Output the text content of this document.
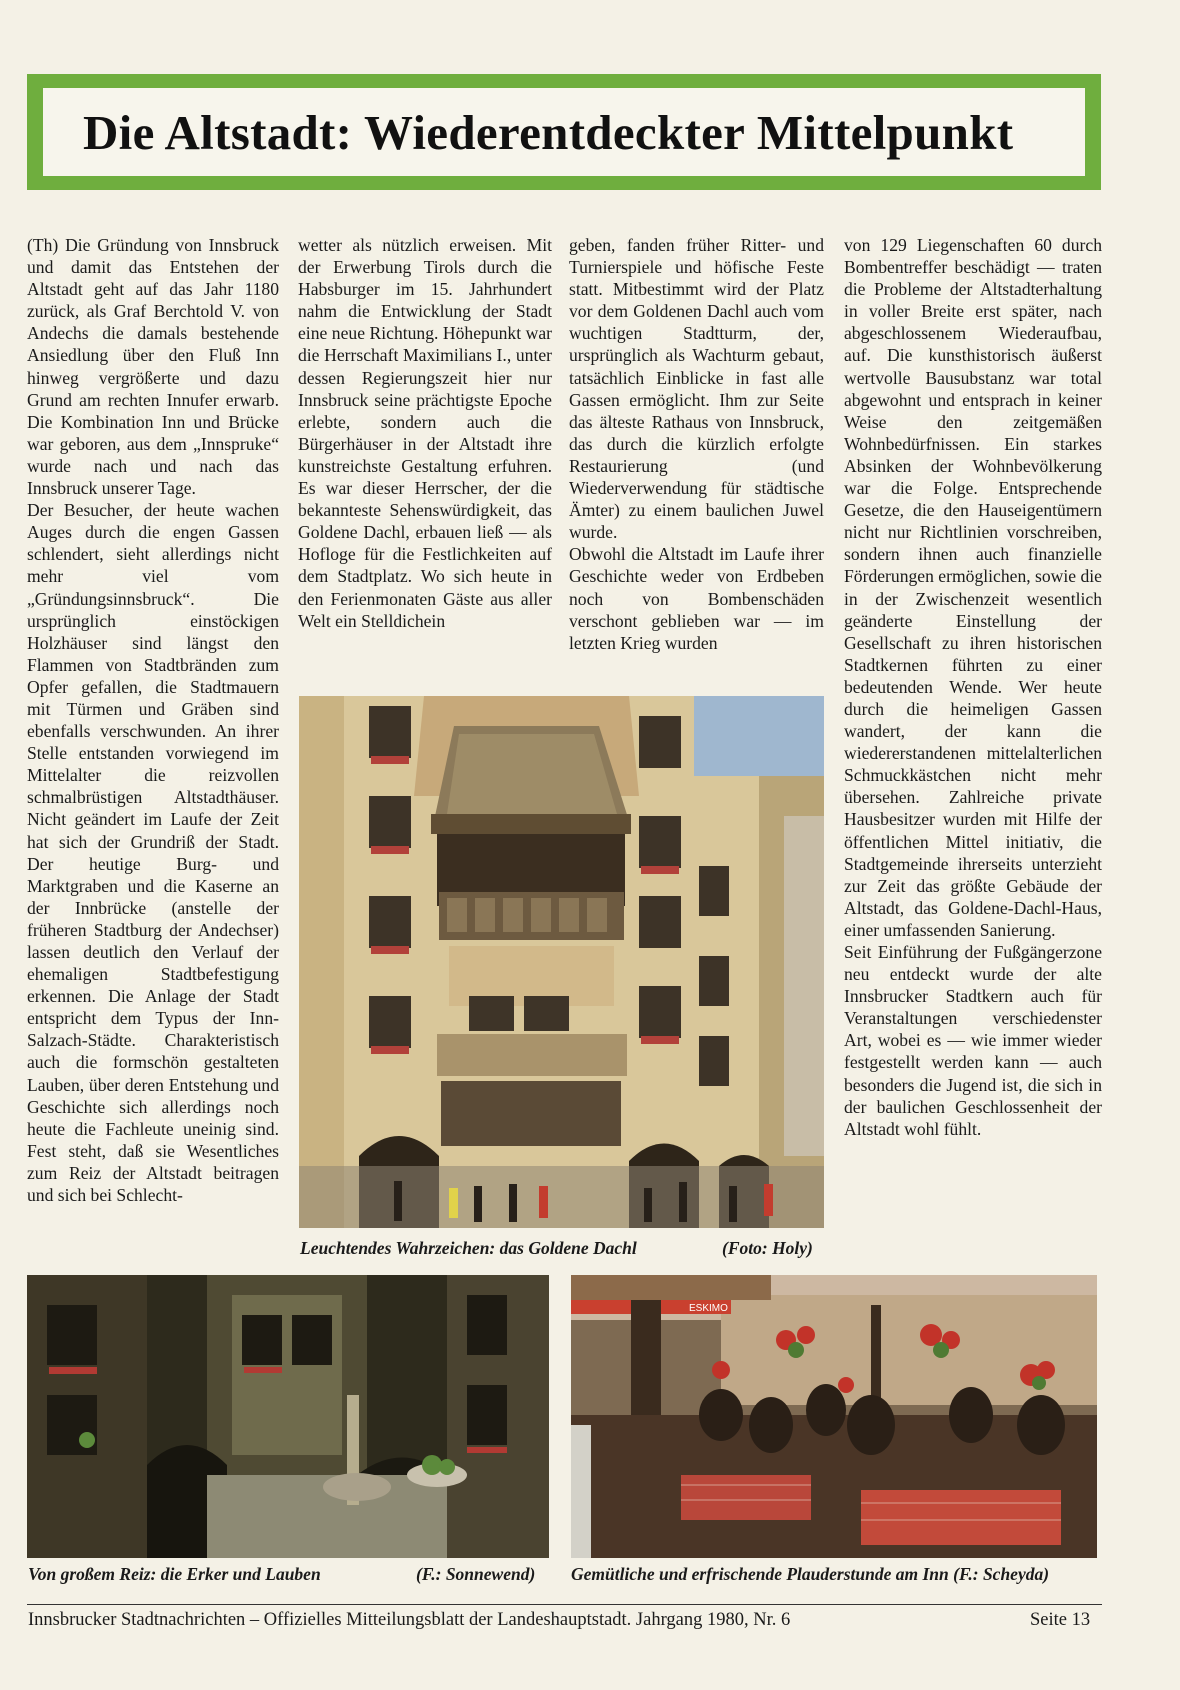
Die Altstadt: Wiederentdeckter Mittelpunkt

(Th) Die Gründung von Innsbruck und damit das Entstehen der Altstadt geht auf das Jahr 1180 zurück, als Graf Berchtold V. von Andechs die damals bestehende Ansiedlung über den Fluß Inn hinweg vergrößerte und dazu Grund am rechten Innufer erwarb. Die Kombination Inn und Brücke war geboren, aus dem „Innspruke“ wurde nach und nach das Innsbruck unserer Tage.

Der Besucher, der heute wachen Auges durch die engen Gassen schlendert, sieht allerdings nicht mehr viel vom „Gründungsinnsbruck“. Die ursprünglich einstöckigen Holzhäuser sind längst den Flammen von Stadtbränden zum Opfer gefallen, die Stadtmauern mit Türmen und Gräben sind ebenfalls verschwunden. An ihrer Stelle entstanden vorwiegend im Mittelalter die reizvollen schmalbrüstigen Altstadthäuser. Nicht geändert im Laufe der Zeit hat sich der Grundriß der Stadt. Der heutige Burg- und Marktgraben und die Kaserne an der Innbrücke (anstelle der früheren Stadtburg der Andechser) lassen deutlich den Verlauf der ehemaligen Stadtbefestigung erkennen. Die Anlage der Stadt entspricht dem Typus der Inn-Salzach-Städte. Charakteristisch auch die formschön gestalteten Lauben, über deren Entstehung und Geschichte sich allerdings noch heute die Fachleute uneinig sind. Fest steht, daß sie Wesentliches zum Reiz der Altstadt beitragen und sich bei Schlecht-

wetter als nützlich erweisen. Mit der Erwerbung Tirols durch die Habsburger im 15. Jahrhundert nahm die Entwicklung der Stadt eine neue Richtung. Höhepunkt war die Herrschaft Maximilians I., unter dessen Regierungszeit hier nur Innsbruck seine prächtigste Epoche erlebte, sondern auch die Bürgerhäuser in der Altstadt ihre kunstreichste Gestaltung erfuhren. Es war dieser Herrscher, der die bekannteste Sehenswürdigkeit, das Goldene Dachl, erbauen ließ — als Hofloge für die Festlichkeiten auf dem Stadtplatz. Wo sich heute in den Ferienmonaten Gäste aus aller Welt ein Stelldichein

geben, fanden früher Ritter- und Turnierspiele und höfische Feste statt. Mitbestimmt wird der Platz vor dem Goldenen Dachl auch vom wuchtigen Stadtturm, der, ursprünglich als Wachturm gebaut, tatsächlich Einblicke in fast alle Gassen ermöglicht. Ihm zur Seite das älteste Rathaus von Innsbruck, das durch die kürzlich erfolgte Restaurierung (und Wiederverwendung für städtische Ämter) zu einem baulichen Juwel wurde.

Obwohl die Altstadt im Laufe ihrer Geschichte weder von Erdbeben noch von Bombenschäden verschont geblieben war — im letzten Krieg wurden

von 129 Liegenschaften 60 durch Bombentreffer beschädigt — traten die Probleme der Altstadterhaltung in voller Breite erst später, nach abgeschlossenem Wiederaufbau, auf. Die kunsthistorisch äußerst wertvolle Bausubstanz war total abgewohnt und entsprach in keiner Weise den zeitgemäßen Wohnbedürfnissen. Ein starkes Absinken der Wohnbevölkerung war die Folge. Entsprechende Gesetze, die den Hauseigentümern nicht nur Richtlinien vorschreiben, sondern ihnen auch finanzielle Förderungen ermöglichen, sowie die in der Zwischenzeit wesentlich geänderte Einstellung der Gesellschaft zu ihren historischen Stadtkernen führten zu einer bedeutenden Wende. Wer heute durch die heimeligen Gassen wandert, der kann die wiedererstandenen mittelalterlichen Schmuckkästchen nicht mehr übersehen. Zahlreiche private Hausbesitzer wurden mit Hilfe der öffentlichen Mittel initiativ, die Stadtgemeinde ihrerseits unterzieht zur Zeit das größte Gebäude der Altstadt, das Goldene-Dachl-Haus, einer umfassenden Sanierung.

Seit Einführung der Fußgängerzone neu entdeckt wurde der alte Innsbrucker Stadtkern auch für Veranstaltungen verschiedenster Art, wobei es — wie immer wieder festgestellt werden kann — auch besonders die Jugend ist, die sich in der baulichen Geschlossenheit der Altstadt wohl fühlt.

ESKIMO
Leuchtendes Wahrzeichen: das Goldene Dachl	(Foto: Holy)
Von großem Reiz: die Erker und Lauben	(F.: Sonnewend) Gemütliche und erfrischende Plauderstunde am Inn (F.: Scheyda)
Innsbrucker Stadtnachrichten – Offizielles Mitteilungsblatt der Landeshauptstadt. Jahrgang 1980, Nr. 6	Seite 13
